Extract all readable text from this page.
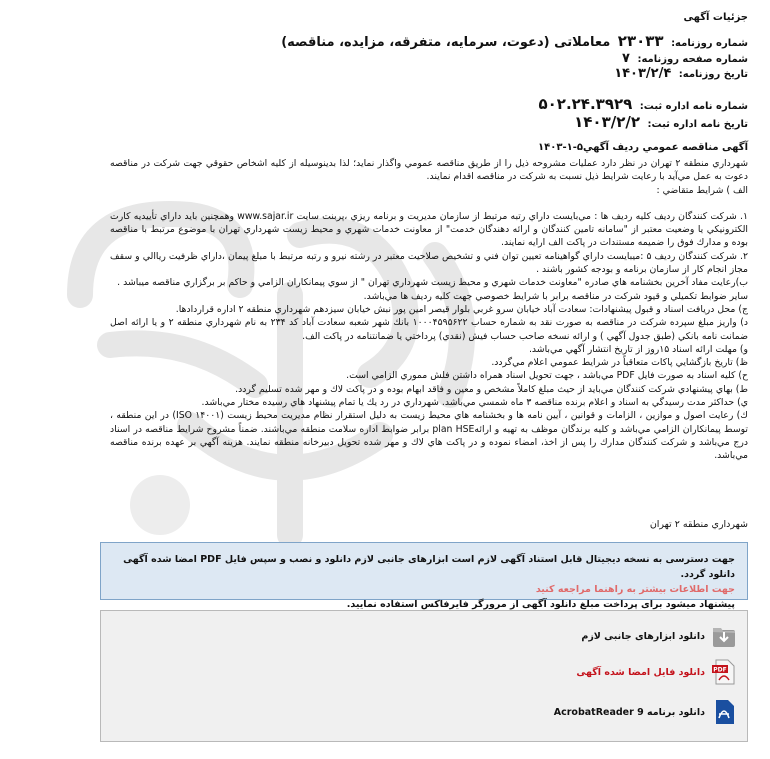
جزئیات آگهی
شماره روزنامه: ۲۳۰۳۳ معاملاتی (دعوت، سرمایه، متفرقه، مزایده، مناقصه)
شماره صفحه روزنامه: ۷
تاریخ روزنامه: ۱۴۰۳/۲/۴
شماره نامه اداره ثبت: ۵۰۲.۲۴.۳۹۲۹
تاریخ نامه اداره ثبت: ۱۴۰۳/۲/۲
آگهی مناقصه عمومي رديف آگهي۵-۱-۱۴۰۳

شهرداري منطقه ۲ تهران در نظر دارد عمليات مشروحه ذيل را از طريق مناقصه عمومي واگذار نمايد؛ لذا بدينوسيله از كليه اشخاص حقوقي جهت شركت در مناقصه دعوت به عمل مي‌آيد با رعايت شرايط ذيل نسبت به شركت در مناقصه اقدام نمايند.

الف ) شرايط متقاضي :

۱. شركت كنندگان رديف كليه رديف ها : مي‌بايست داراي رتبه مرتبط از سازمان مديريت و برنامه ريزي ،پربنت سايت www.sajar.ir وهمچنين بايد داراي تأييديه كارت الكترونيكي يا وضعيت معتبر از "سامانه تامين كنندگان و ارائه دهندگان خدمت" از معاونت خدمات شهري و محيط زيست شهرداري تهران با موضوع مرتبط با مناقصه بوده و مدارك فوق را ضميمه مستندات در پاكت الف ارايه نمايند.

۲. شركت كنندگان رديف ۵ :ميبايست داراي گواهينامه تعيين توان فني و تشخيص صلاحيت معتبر در رشته نيرو و رتبه مرتبط با مبلغ پيمان ،داراي ظرفيت رياالي و سقف مجاز انجام كار از سازمان برنامه و بودجه كشور باشند .

ب)رعايت مفاد آخرين بخشنامه هاي صادره "معاونت خدمات شهري و محيط زيست شهرداري تهران " از سوي پيمانكاران الزامي و حاكم بر برگزاري مناقصه ميباشد .

ساير ضوابط تكميلي و قيود شركت در مناقصه برابر با شرايط خصوصي جهت كليه رديف ها مي‌باشد.

ج) محل دريافت اسناد و قبول پيشنهادات: سعادت آباد خيابان سرو غربي بلوار قيصر امين پور نبش خيابان سيزدهم شهرداري منطقه ۲ اداره قراردادها.

د) واريز مبلغ سپرده شركت در مناقصه به صورت نقد به شماره حساب ۱۰۰۰۴۵۹۵۶۲۲ بانك شهر شعبه سعادت آباد كد ۲۳۴ به نام شهرداري منطقه ۲ و يا ارائه اصل ضمانت نامه بانكي (طبق جدول آگهي ) و ارائه نسخه صاحب حساب فيش (نقدي) پرداختي يا ضمانتنامه در پاكت الف.

و) مهلت ارائه اسناد ۱۵روز از تاريخ انتشار آگهي مي‌باشد.

ظ) تاريخ بازگشايي پاكات متعاقباً در شرايط عمومي اعلام مي‌گردد.

ح) كليه اسناد به صورت فايل PDF مي‌باشد ، جهت تحويل اسناد همراه داشتن فلش مموري الزامي است.

ط) بهاي پيشنهادي شركت كنندگان مي‌بايد از حيث مبلغ كاملاً مشخص و معين و فاقد ابهام بوده و در پاكت لاك و مهر شده تسليم گردد.

ي) حداكثر مدت رسيدگي به اسناد و اعلام برنده مناقصه ۳ ماه شمسي مي‌باشد. شهرداري در رد يك يا تمام پيشنهاد هاي رسيده مختار مي‌باشد.

ك) رعايت اصول و موازين ، الزامات و قوانين ، آيين نامه ها و بخشنامه هاي محيط زيست به دليل استقرار نظام مديريت محيط زيست (ISO ۱۴۰۰۱) در اين منطقه ، توسط پيمانكاران الزامي مي‌باشد و كليه برندگان موظف به تهيه و ارائهplan HSE برابر ضوابط اداره سلامت منطقه مي‌باشند. ضمناً مشروح شرايط مناقصه در اسناد درج مي‌باشد و شركت كنندگان مدارك را پس از اخذ، امضاء نموده و در پاكت هاي لاك و مهر شده تحويل دبيرخانه منطقه نمايند. هزينه آگهي بر عهده برنده مناقصه مي‌باشد.

شهرداري منطقه ۲ تهران
جهت دسترسی به نسخه دیجیتال قابل استناد آگهی لازم است ابزارهای جانبی لازم دانلود و نصب و سپس فایل PDF امضا شده آگهی دانلود گردد.
جهت اطلاعات بیشتر به راهنما مراجعه کنید
پیشنهاد میشود برای پرداخت مبلغ دانلود آگهی از مرورگر فایرفاکس استفاده نمایید.
دانلود ابزارهای جانبی لازم
PDF
دانلود فایل امضا شده آگهی
دانلود برنامه AcrobatReader 9
